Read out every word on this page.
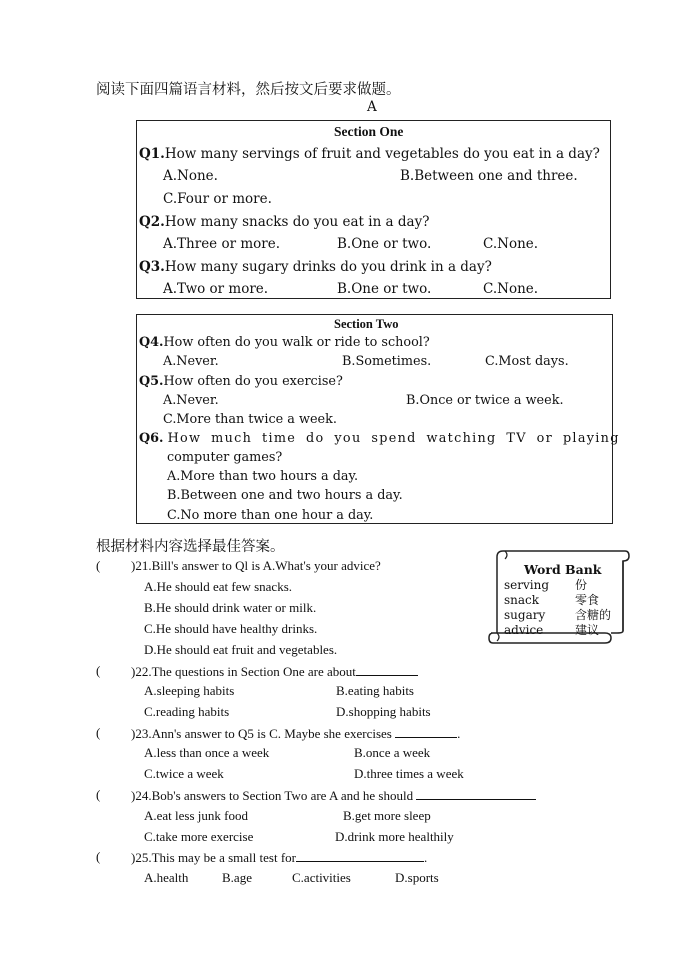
阅读下面四篇语言材料，然后按文后要求做题。
A
Section One
Q1.How many servings of fruit and vegetables do you eat in a day?
A.None.	B.Between one and three.
C.Four or more.
Q2.How many snacks do you eat in a day?
A.Three or more.	B.One or two.	C.None.
Q3.How many sugary drinks do you drink in a day?
A.Two or more.	B.One or two.	C.None.
Section Two
Q4.How often do you walk or ride to school?
A.Never.	B.Sometimes.	C.Most days.
Q5.How often do you exercise?
A.Never.	B.Once or twice a week.
C.More than twice a week.
Q6. How much time do you spend watching TV or playing
computer games?
A.More than two hours a day.
B.Between one and two hours a day.
C.No more than one hour a day.
根据材料内容选择最佳答案。
Word Bank
serving 份
snack	零食
sugary 含糖的
advice	建议
( )21.Bill's answer to Ql is A.What's your advice?
A.He should eat few snacks.
B.He should drink water or milk.
C.He should have healthy drinks.
D.He should eat fruit and vegetables.
( )22.The questions in Section One are about
A.sleeping habits	B.eating habits
C.reading habits	D.shopping habits
( )23.Ann's answer to Q5 is C. Maybe she exercises	.
A.less than once a week	B.once a week
C.twice a week	D.three times a week
( )24.Bob's answers to Section Two are A and he should
A.eat less junk food	B.get more sleep
C.take more exercise	D.drink more healthily
( )25.This may be a small test for	.
A.health	B.age	C.activities	D.sports
